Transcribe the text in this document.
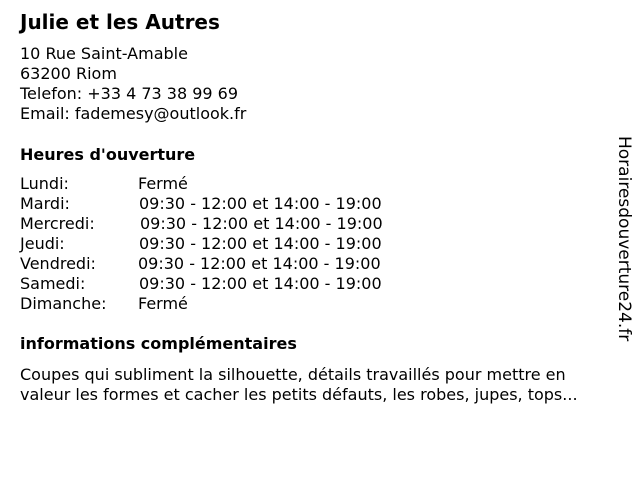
Julie et les Autres
10 Rue Saint-Amable
63200 Riom
Telefon: +33 4 73 38 99 69
Email: fademesy@outlook.fr
Heures d'ouverture
Lundi:	Fermé
Mardi:	09:30 - 12:00 et 14:00 - 19:00
Mercredi:	09:30 - 12:00 et 14:00 - 19:00
Jeudi:	09:30 - 12:00 et 14:00 - 19:00
Vendredi:	09:30 - 12:00 et 14:00 - 19:00
Samedi:	09:30 - 12:00 et 14:00 - 19:00
Dimanche: Fermé
informations complémentaires
Coupes qui subliment la silhouette, détails travaillés pour mettre en
valeur les formes et cacher les petits défauts, les robes, jupes, tops...
Horairesdouverture24.fr
